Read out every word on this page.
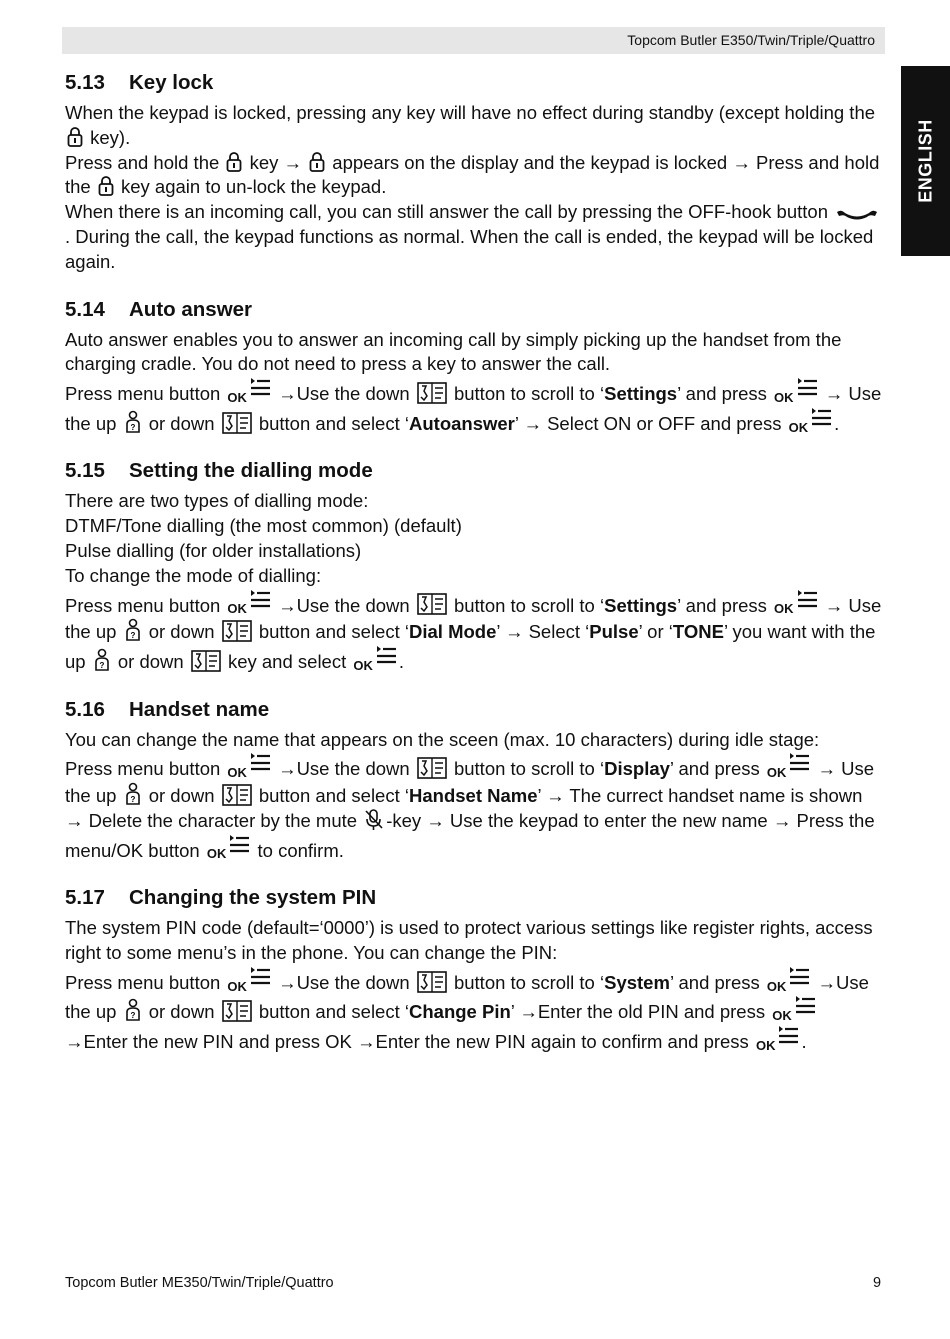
Topcom Butler E350/Twin/Triple/Quattro
ENGLISH
5.13	Key lock

When the keypad is locked, pressing any key will have no effect during standby (except holding the
key).

Press and hold the key → appears on the display and the keypad is locked → Press and hold the key again to un-lock the keypad.

When there is an incoming call, you can still answer the call by pressing the OFF-hook button
. During the call, the keypad functions as normal. When the call is ended, the keypad will be locked again.

5.14	Auto answer

Auto answer enables you to answer an incoming call by simply picking up the handset from the charging cradle. You do not need to press a key to answer the call.

Press menu button OK →Use the down button to scroll to ‘Settings’ and press OK → Use the up ? or down button and select ‘Autoanswer’ → Select ON or OFF and press OK .

5.15	Setting the dialling mode

There are two types of dialling mode:

DTMF/Tone dialling (the most common) (default)

Pulse dialling (for older installations)

To change the mode of dialling:

Press menu button OK →Use the down button to scroll to ‘Settings’ and press OK → Use the up ? or down button and select ‘Dial Mode’ → Select ‘Pulse’ or ‘TONE’ you want with the up ? or down key and select OK .

5.16	Handset name

You can change the name that appears on the sceen (max. 10 characters) during idle stage:

Press menu button OK →Use the down button to scroll to ‘Display’ and press OK → Use the up ? or down button and select ‘Handset Name’ → The currect handset name is shown → Delete the character by the mute -key → Use the keypad to enter the new name → Press the menu/OK button OK to confirm.

5.17	Changing the system PIN

The system PIN code (default=‘0000’) is used to protect various settings like register rights, access right to some menu’s in the phone. You can change the PIN:

Press menu button OK →Use the down button to scroll to ‘System’ and press OK →Use the up ? or down button and select ‘Change Pin’ →Enter the old PIN and press OK
→Enter the new PIN and press OK →Enter the new PIN again to confirm and press OK .

Topcom Butler ME350/Twin/Triple/Quattro	9
